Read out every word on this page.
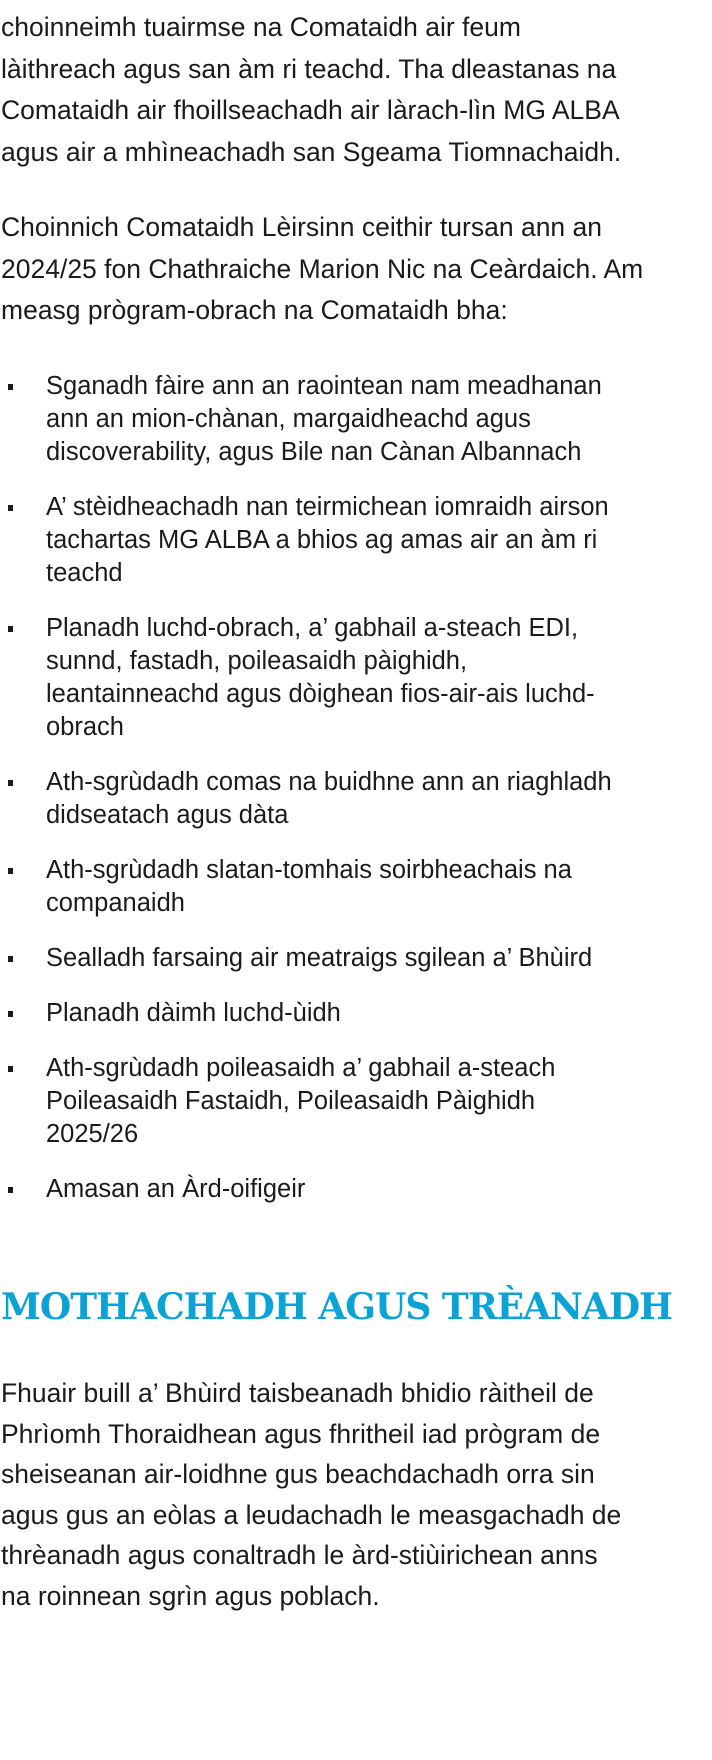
choinneimh tuairmse na Comataidh air feum
làithreach agus san àm ri teachd. Tha dleastanas na
Comataidh air fhoillseachadh air làrach-lìn MG ALBA
agus air a mhìneachadh san Sgeama Tiomnachaidh.
Choinnich Comataidh Lèirsinn ceithir tursan ann an
2024/25 fon Chathraiche Marion Nic na Ceàrdaich. Am
measg prògram-obrach na Comataidh bha:
Sganadh fàire ann an raointean nam meadhanan
ann an mion-chànan, margaidheachd agus
discoverability, agus Bile nan Cànan Albannach
A’ stèidheachadh nan teirmichean iomraidh airson
tachartas MG ALBA a bhios ag amas air an àm ri
teachd
Planadh luchd-obrach, a’ gabhail a-steach EDI,
sunnd, fastadh, poileasaidh pàighidh,
leantainneachd agus dòighean fios-air-ais luchd-
obrach
Ath-sgrùdadh comas na buidhne ann an riaghladh
didseatach agus dàta
Ath-sgrùdadh slatan-tomhais soirbheachais na
companaidh
Sealladh farsaing air meatraigs sgilean a’ Bhùird
Planadh dàimh luchd-ùidh
Ath-sgrùdadh poileasaidh a’ gabhail a-steach
Poileasaidh Fastaidh, Poileasaidh Pàighidh
2025/26
Amasan an Àrd-oifigeir
MOTHACHADH AGUS TRÈANADH
Fhuair buill a’ Bhùird taisbeanadh bhidio ràitheil de
Phrìomh Thoraidhean agus fhritheil iad prògram de
sheiseanan air-loidhne gus beachdachadh orra sin
agus gus an eòlas a leudachadh le measgachadh de
thrèanadh agus conaltradh le àrd-stiùirichean anns
na roinnean sgrìn agus poblach.
